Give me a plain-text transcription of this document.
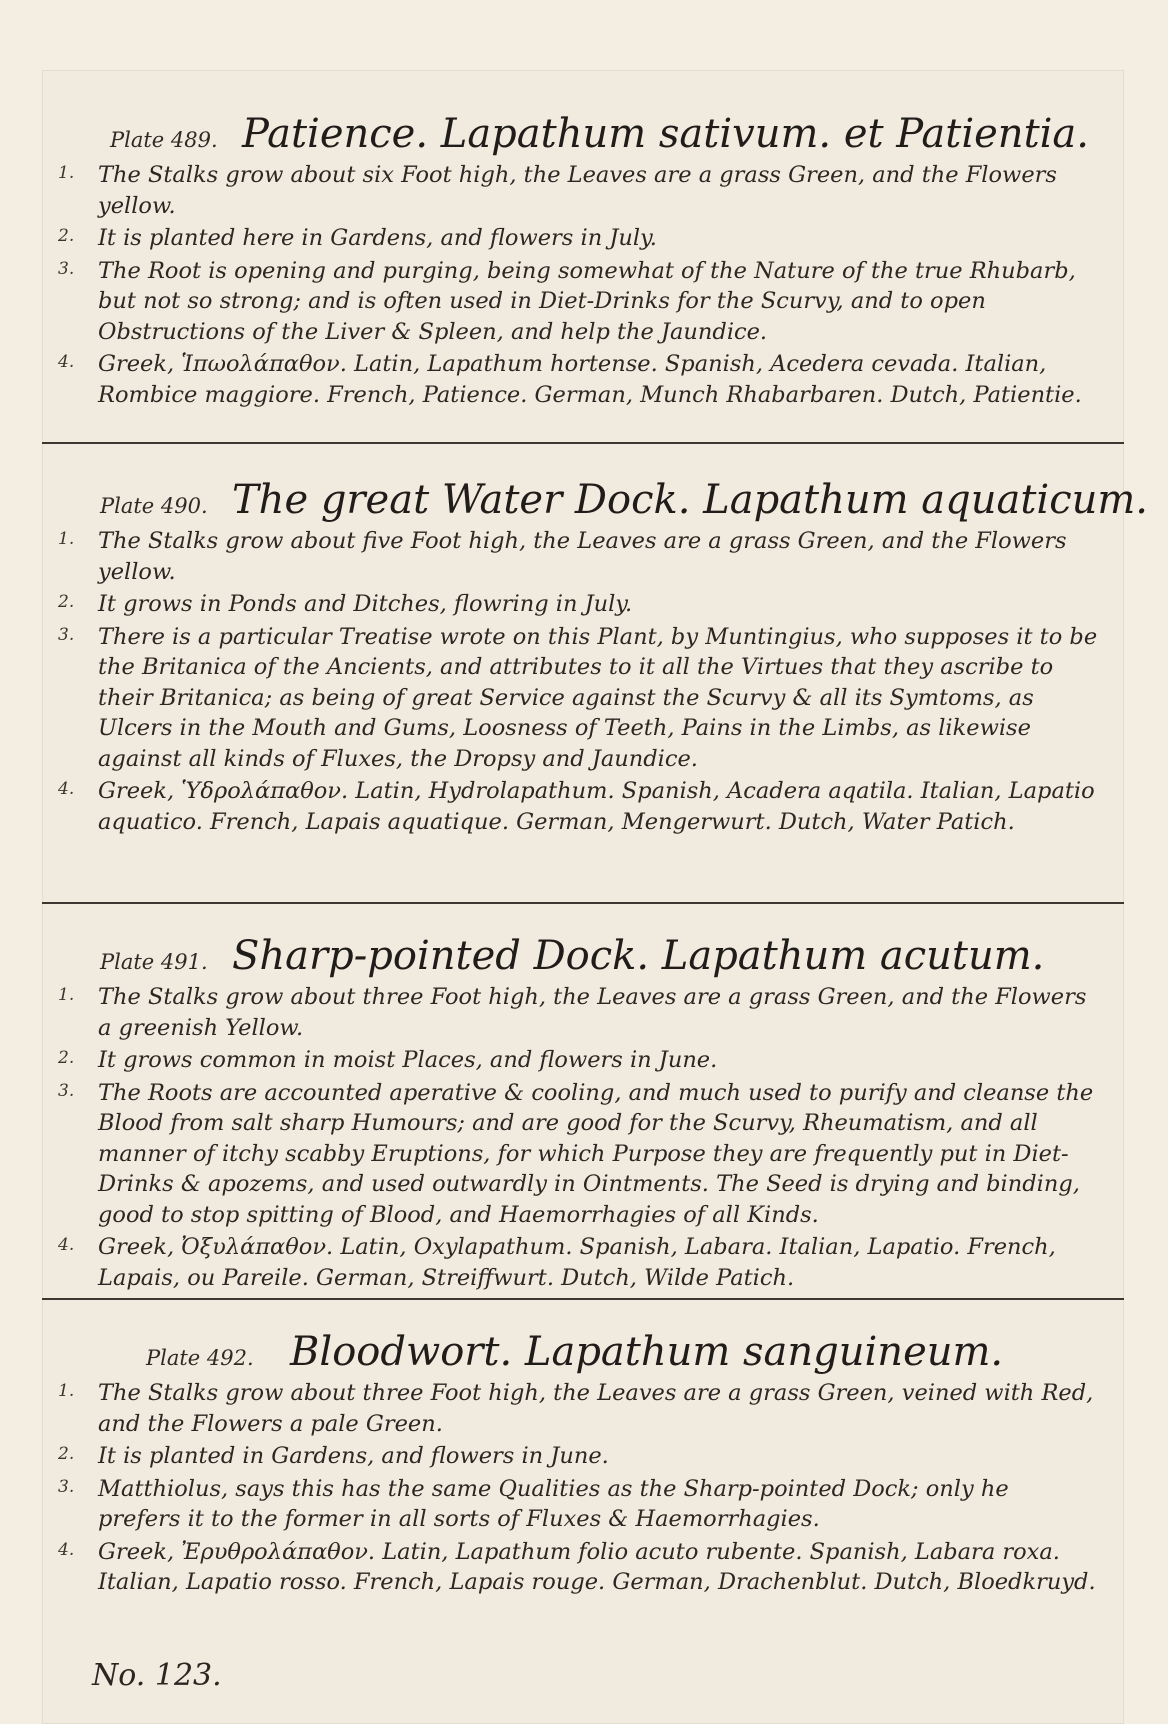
Plate 489. Patience. Lapathum sativum. et Patientia.
1. The Stalks grow about six Foot high, the Leaves are a grass Green, and the Flowers yellow.
2. It is planted here in Gardens, and flowers in July.
3. The Root is opening and purging, being somewhat of the Nature of the true Rhubarb, but not so strong; and is often used in Diet-Drinks for the Scurvy, and to open Obstructions of the Liver & Spleen, and help the Jaundice.
4. Greek, Ἱπωολάπαθον. Latin, Lapathum hortense. Spanish, Acedera cevada. Italian, Rombice maggiore. French, Patience. German, Munch Rhabarbaren. Dutch, Patientie.
Plate 490. The great Water Dock. Lapathum aquaticum.
1. The Stalks grow about five Foot high, the Leaves are a grass Green, and the Flowers yellow.
2. It grows in Ponds and Ditches, flowring in July.
3. There is a particular Treatise wrote on this Plant, by Muntingius, who supposes it to be the Britanica of the Ancients, and attributes to it all the Virtues that they ascribe to their Britanica; as being of great Service against the Scurvy & all its Symtoms, as Ulcers in the Mouth and Gums, Loosness of Teeth, Pains in the Limbs, as likewise against all kinds of Fluxes, the Dropsy and Jaundice.
4. Greek, Ὑδρολάπαθον. Latin, Hydrolapathum. Spanish, Acadera aqatila. Italian, Lapatio aquatico. French, Lapais aquatique. German, Mengerwurt. Dutch, Water Patich.
Plate 491. Sharp-pointed Dock. Lapathum acutum.
1. The Stalks grow about three Foot high, the Leaves are a grass Green, and the Flowers a greenish Yellow.
2. It grows common in moist Places, and flowers in June.
3. The Roots are accounted aperative & cooling, and much used to purify and cleanse the Blood from salt sharp Humours; and are good for the Scurvy, Rheumatism, and all manner of itchy scabby Eruptions, for which Purpose they are frequently put in Diet-Drinks & apozems, and used outwardly in Ointments. The Seed is drying and binding, good to stop spitting of Blood, and Haemorrhagies of all Kinds.
4. Greek, Ὀξυλάπαθον. Latin, Oxylapathum. Spanish, Labara. Italian, Lapatio. French, Lapais, ou Pareile. German, Streiffwurt. Dutch, Wilde Patich.
Plate 492. Bloodwort. Lapathum sanguineum.
1. The Stalks grow about three Foot high, the Leaves are a grass Green, veined with Red, and the Flowers a pale Green.
2. It is planted in Gardens, and flowers in June.
3. Matthiolus, says this has the same Qualities as the Sharp-pointed Dock; only he prefers it to the former in all sorts of Fluxes & Haemorrhagies.
4. Greek, Ἐρυθρολάπαθον. Latin, Lapathum folio acuto rubente. Spanish, Labara roxa. Italian, Lapatio rosso. French, Lapais rouge. German, Drachenblut. Dutch, Bloedkruyd.
No. 123.
